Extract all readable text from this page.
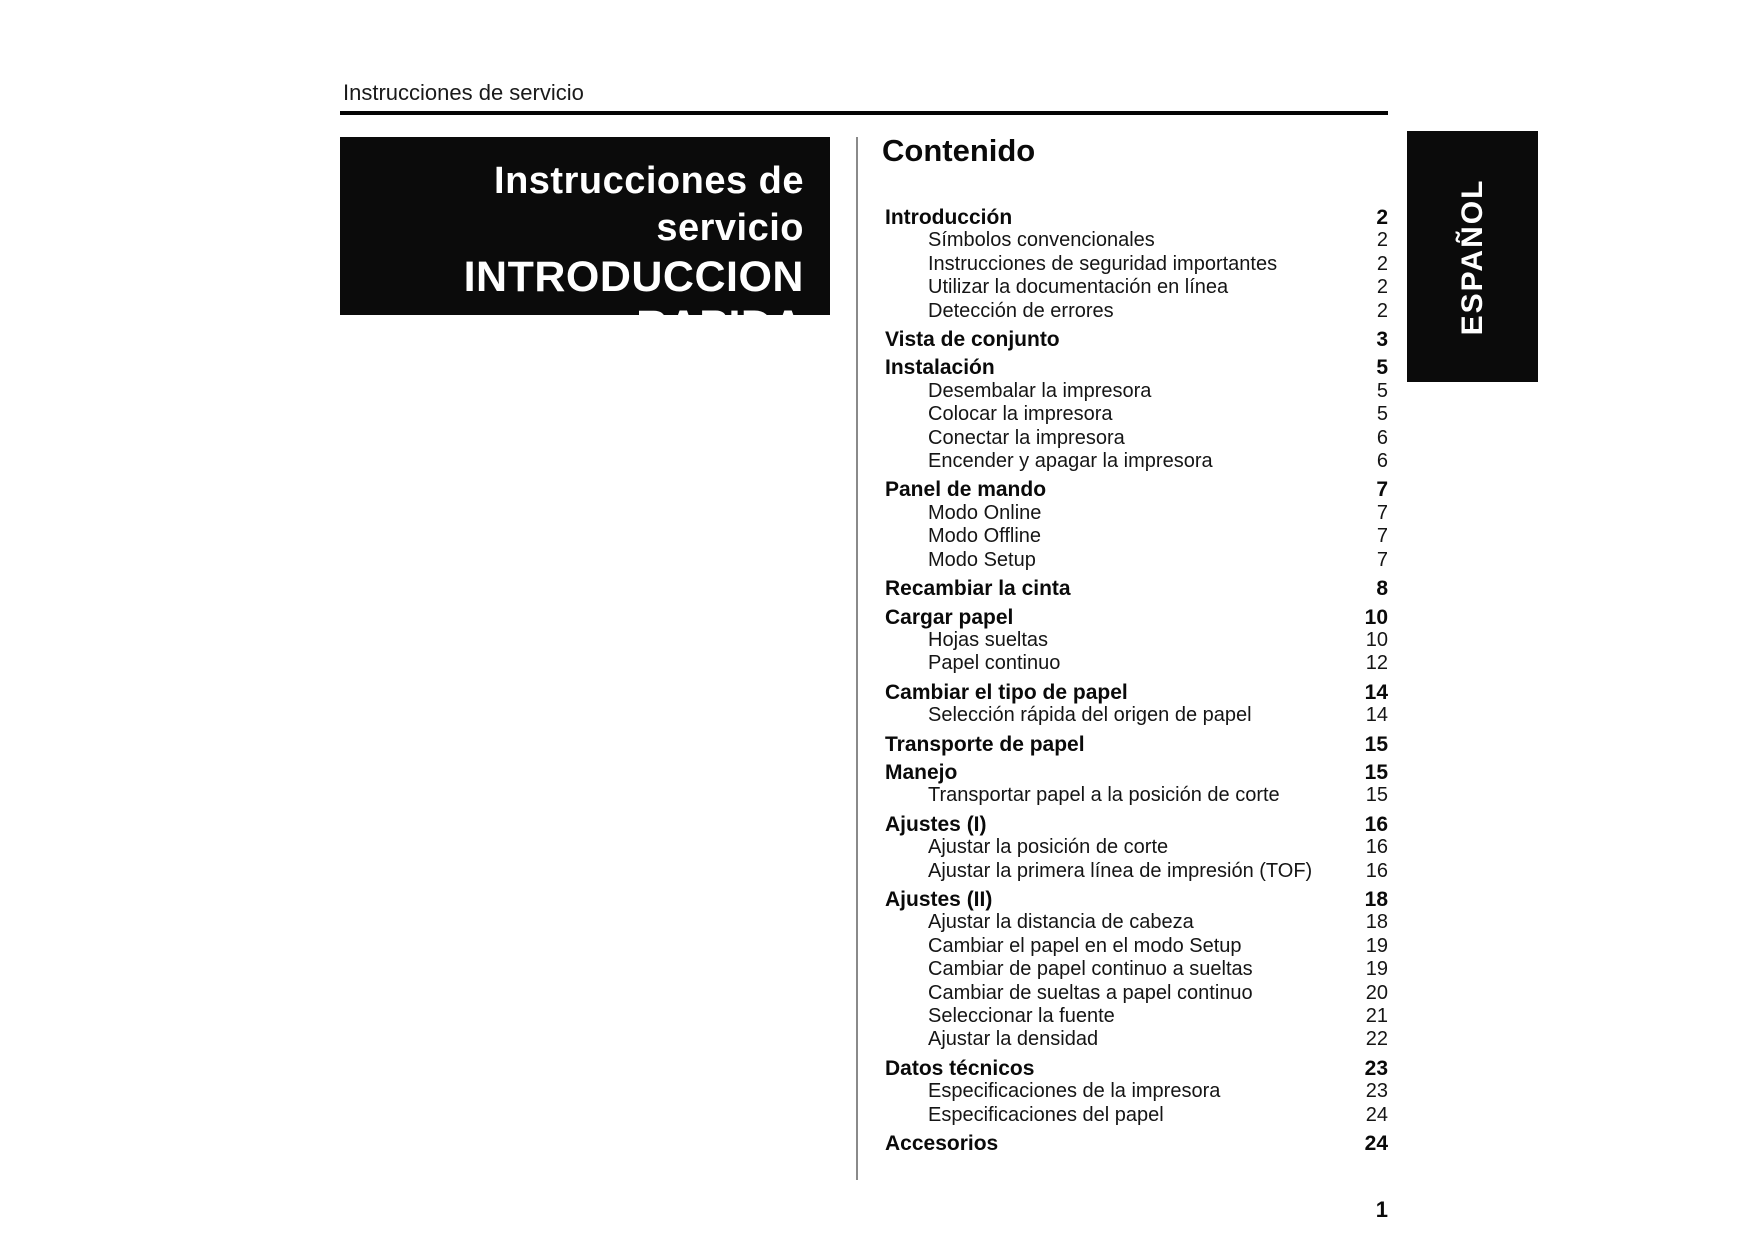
Instrucciones de servicio
Instrucciones de servicio
INTRODUCCION
RAPIDA
Contenido
Introducción	2
Símbolos convencionales	2
Instrucciones de seguridad importantes	2
Utilizar la documentación en línea	2
Detección de errores	2
Vista de conjunto	3
Instalación	5
Desembalar la impresora	5
Colocar la impresora	5
Conectar la impresora	6
Encender y apagar la impresora	6
Panel de mando	7
Modo Online	7
Modo Offline	7
Modo Setup	7
Recambiar la cinta	8
Cargar papel	10
Hojas sueltas	10
Papel continuo	12
Cambiar el tipo de papel	14
Selección rápida del origen de papel	14
Transporte de papel	15
Manejo	15
Transportar papel a la posición de corte	15
Ajustes (I)	16
Ajustar la posición de corte	16
Ajustar la primera línea de impresión (TOF)	16
Ajustes (II)	18
Ajustar la distancia de cabeza	18
Cambiar el papel en el modo Setup	19
Cambiar de papel continuo a sueltas	19
Cambiar de sueltas a papel continuo	20
Seleccionar la fuente	21
Ajustar la densidad	22
Datos técnicos	23
Especificaciones de la impresora	23
Especificaciones del papel	24
Accesorios	24
ESPAÑOL
1
